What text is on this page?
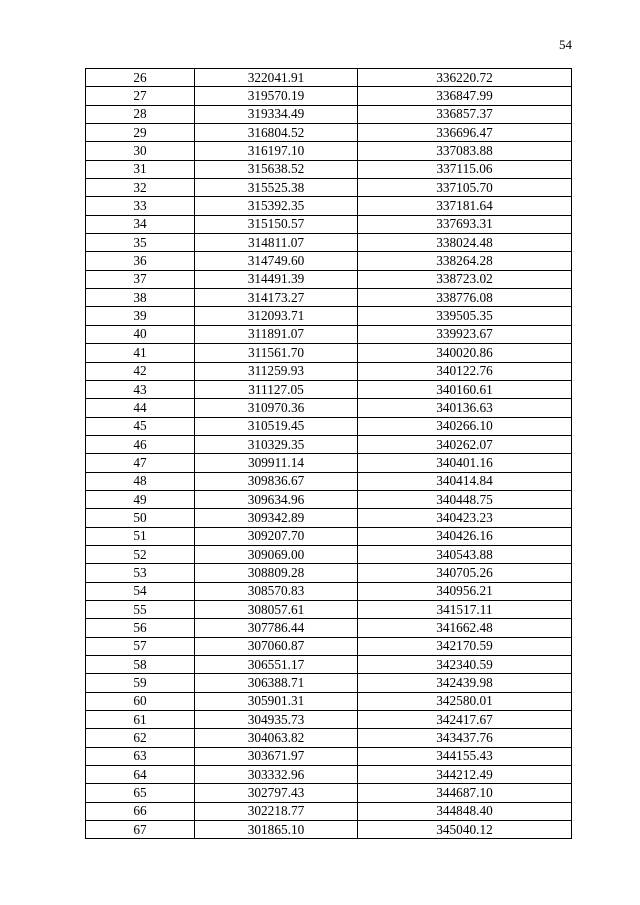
54
26	322041.91	336220.72
27	319570.19	336847.99
28	319334.49	336857.37
29	316804.52	336696.47
30	316197.10	337083.88
31	315638.52	337115.06
32	315525.38	337105.70
33	315392.35	337181.64
34	315150.57	337693.31
35	314811.07	338024.48
36	314749.60	338264.28
37	314491.39	338723.02
38	314173.27	338776.08
39	312093.71	339505.35
40	311891.07	339923.67
41	311561.70	340020.86
42	311259.93	340122.76
43	311127.05	340160.61
44	310970.36	340136.63
45	310519.45	340266.10
46	310329.35	340262.07
47	309911.14	340401.16
48	309836.67	340414.84
49	309634.96	340448.75
50	309342.89	340423.23
51	309207.70	340426.16
52	309069.00	340543.88
53	308809.28	340705.26
54	308570.83	340956.21
55	308057.61	341517.11
56	307786.44	341662.48
57	307060.87	342170.59
58	306551.17	342340.59
59	306388.71	342439.98
60	305901.31	342580.01
61	304935.73	342417.67
62	304063.82	343437.76
63	303671.97	344155.43
64	303332.96	344212.49
65	302797.43	344687.10
66	302218.77	344848.40
67	301865.10	345040.12
